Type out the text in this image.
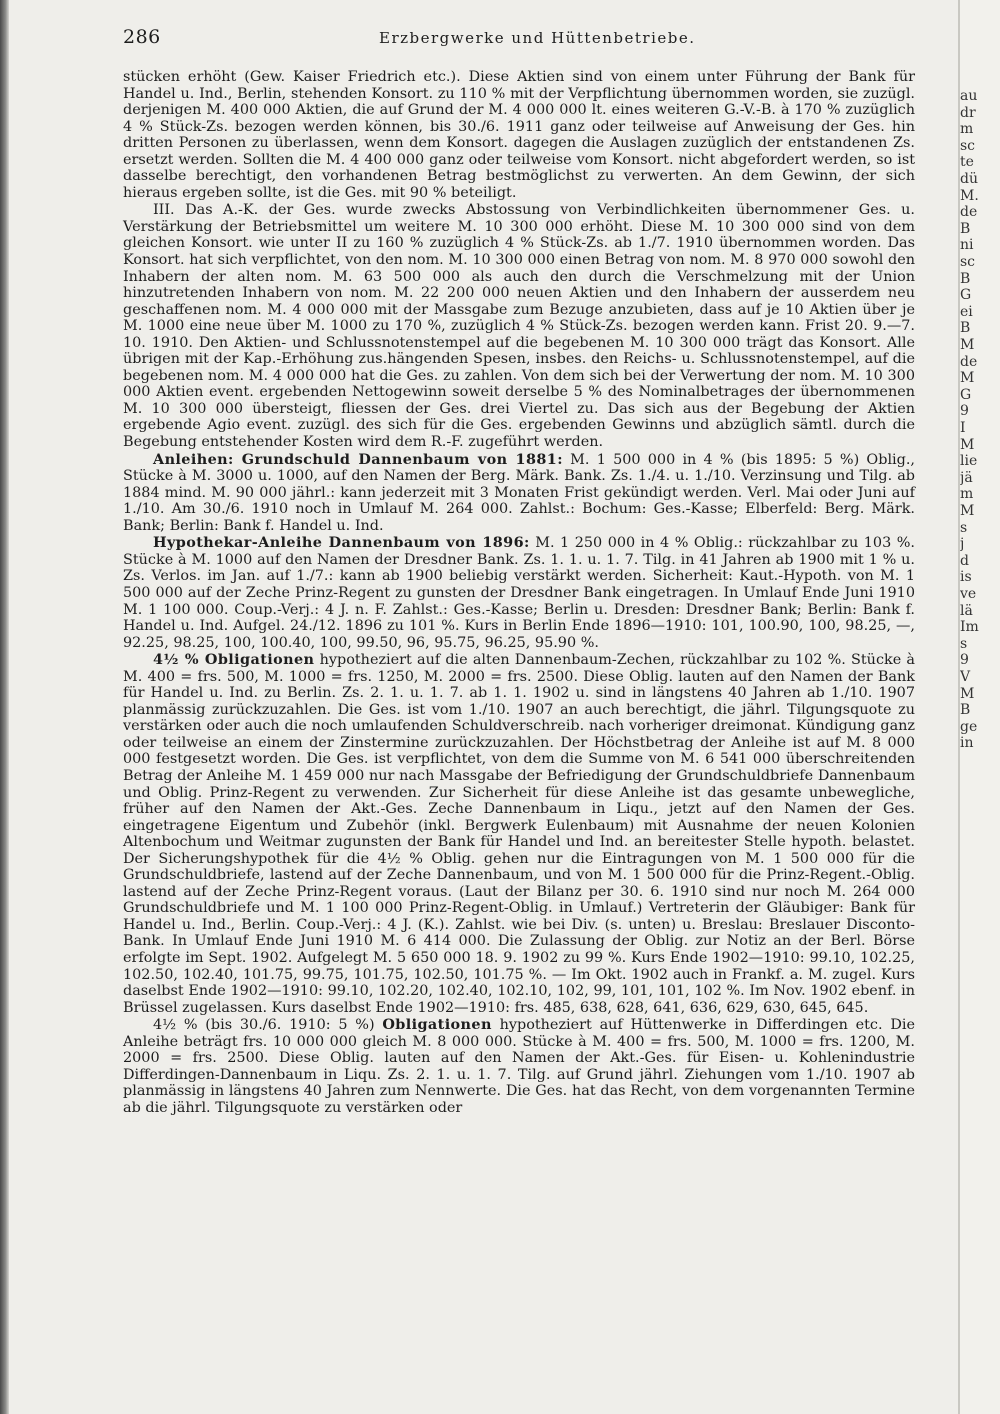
286	Erzbergwerke und Hüttenbetriebe.

stücken erhöht (Gew. Kaiser Friedrich etc.). Diese Aktien sind von einem unter Führung der Bank für Handel u. Ind., Berlin, stehenden Konsort. zu 110 % mit der Verpflichtung übernommen worden, sie zuzügl. derjenigen M. 400 000 Aktien, die auf Grund der M. 4 000 000 lt. eines weiteren G.-V.-B. à 170 % zuzüglich 4 % Stück-Zs. bezogen werden können, bis 30./6. 1911 ganz oder teilweise auf Anweisung der Ges. hin dritten Personen zu überlassen, wenn dem Konsort. dagegen die Auslagen zuzüglich der entstandenen Zs. ersetzt werden. Sollten die M. 4 400 000 ganz oder teilweise vom Konsort. nicht abgefordert werden, so ist dasselbe berechtigt, den vorhandenen Betrag bestmöglichst zu verwerten. An dem Gewinn, der sich hieraus ergeben sollte, ist die Ges. mit 90 % beteiligt.

III. Das A.-K. der Ges. wurde zwecks Abstossung von Verbindlichkeiten übernommener Ges. u. Verstärkung der Betriebsmittel um weitere M. 10 300 000 erhöht. Diese M. 10 300 000 sind von dem gleichen Konsort. wie unter II zu 160 % zuzüglich 4 % Stück-Zs. ab 1./7. 1910 übernommen worden. Das Konsort. hat sich verpflichtet, von den nom. M. 10 300 000 einen Betrag von nom. M. 8 970 000 sowohl den Inhabern der alten nom. M. 63 500 000 als auch den durch die Verschmelzung mit der Union hinzutretenden Inhabern von nom. M. 22 200 000 neuen Aktien und den Inhabern der ausserdem neu geschaffenen nom. M. 4 000 000 mit der Massgabe zum Bezuge anzubieten, dass auf je 10 Aktien über je M. 1000 eine neue über M. 1000 zu 170 %, zuzüglich 4 % Stück-Zs. bezogen werden kann. Frist 20. 9.—7. 10. 1910. Den Aktien- und Schlussnotenstempel auf die begebenen M. 10 300 000 trägt das Konsort. Alle übrigen mit der Kap.-Erhöhung zus.hängenden Spesen, insbes. den Reichs- u. Schlussnotenstempel, auf die begebenen nom. M. 4 000 000 hat die Ges. zu zahlen. Von dem sich bei der Verwertung der nom. M. 10 300 000 Aktien event. ergebenden Nettogewinn soweit derselbe 5 % des Nominalbetrages der übernommenen M. 10 300 000 übersteigt, fliessen der Ges. drei Viertel zu. Das sich aus der Begebung der Aktien ergebende Agio event. zuzügl. des sich für die Ges. ergebenden Gewinns und abzüglich sämtl. durch die Begebung entstehender Kosten wird dem R.-F. zugeführt werden.

Anleihen: Grundschuld Dannenbaum von 1881: M. 1 500 000 in 4 % (bis 1895: 5 %) Oblig., Stücke à M. 3000 u. 1000, auf den Namen der Berg. Märk. Bank. Zs. 1./4. u. 1./10. Verzinsung und Tilg. ab 1884 mind. M. 90 000 jährl.: kann jederzeit mit 3 Monaten Frist gekündigt werden. Verl. Mai oder Juni auf 1./10. Am 30./6. 1910 noch in Umlauf M. 264 000. Zahlst.: Bochum: Ges.-Kasse; Elberfeld: Berg. Märk. Bank; Berlin: Bank f. Handel u. Ind.

Hypothekar-Anleihe Dannenbaum von 1896: M. 1 250 000 in 4 % Oblig.: rückzahlbar zu 103 %. Stücke à M. 1000 auf den Namen der Dresdner Bank. Zs. 1. 1. u. 1. 7. Tilg. in 41 Jahren ab 1900 mit 1 % u. Zs. Verlos. im Jan. auf 1./7.: kann ab 1900 beliebig verstärkt werden. Sicherheit: Kaut.-Hypoth. von M. 1 500 000 auf der Zeche Prinz-Regent zu gunsten der Dresdner Bank eingetragen. In Umlauf Ende Juni 1910 M. 1 100 000. Coup.-Verj.: 4 J. n. F. Zahlst.: Ges.-Kasse; Berlin u. Dresden: Dresdner Bank; Berlin: Bank f. Handel u. Ind. Aufgel. 24./12. 1896 zu 101 %. Kurs in Berlin Ende 1896—1910: 101, 100.90, 100, 98.25, —, 92.25, 98.25, 100, 100.40, 100, 99.50, 96, 95.75, 96.25, 95.90 %.

4½ % Obligationen hypotheziert auf die alten Dannenbaum-Zechen, rückzahlbar zu 102 %. Stücke à M. 400 = frs. 500, M. 1000 = frs. 1250, M. 2000 = frs. 2500. Diese Oblig. lauten auf den Namen der Bank für Handel u. Ind. zu Berlin. Zs. 2. 1. u. 1. 7. ab 1. 1. 1902 u. sind in längstens 40 Jahren ab 1./10. 1907 planmässig zurückzuzahlen. Die Ges. ist vom 1./10. 1907 an auch berechtigt, die jährl. Tilgungsquote zu verstärken oder auch die noch umlaufenden Schuldverschreib. nach vorheriger dreimonat. Kündigung ganz oder teilweise an einem der Zinstermine zurückzuzahlen. Der Höchstbetrag der Anleihe ist auf M. 8 000 000 festgesetzt worden. Die Ges. ist verpflichtet, von dem die Summe von M. 6 541 000 überschreitenden Betrag der Anleihe M. 1 459 000 nur nach Massgabe der Befriedigung der Grundschuldbriefe Dannenbaum und Oblig. Prinz-Regent zu verwenden. Zur Sicherheit für diese Anleihe ist das gesamte unbewegliche, früher auf den Namen der Akt.-Ges. Zeche Dannenbaum in Liqu., jetzt auf den Namen der Ges. eingetragene Eigentum und Zubehör (inkl. Bergwerk Eulenbaum) mit Ausnahme der neuen Kolonien Altenbochum und Weitmar zugunsten der Bank für Handel und Ind. an bereitester Stelle hypoth. belastet. Der Sicherungshypothek für die 4½ % Oblig. gehen nur die Eintragungen von M. 1 500 000 für die Grundschuldbriefe, lastend auf der Zeche Dannenbaum, und von M. 1 500 000 für die Prinz-Regent.-Oblig. lastend auf der Zeche Prinz-Regent voraus. (Laut der Bilanz per 30. 6. 1910 sind nur noch M. 264 000 Grundschuldbriefe und M. 1 100 000 Prinz-Regent-Oblig. in Umlauf.) Vertreterin der Gläubiger: Bank für Handel u. Ind., Berlin. Coup.-Verj.: 4 J. (K.). Zahlst. wie bei Div. (s. unten) u. Breslau: Breslauer Disconto-Bank. In Umlauf Ende Juni 1910 M. 6 414 000. Die Zulassung der Oblig. zur Notiz an der Berl. Börse erfolgte im Sept. 1902. Aufgelegt M. 5 650 000 18. 9. 1902 zu 99 %. Kurs Ende 1902—1910: 99.10, 102.25, 102.50, 102.40, 101.75, 99.75, 101.75, 102.50, 101.75 %. — Im Okt. 1902 auch in Frankf. a. M. zugel. Kurs daselbst Ende 1902—1910: 99.10, 102.20, 102.40, 102.10, 102, 99, 101, 101, 102 %. Im Nov. 1902 ebenf. in Brüssel zugelassen. Kurs daselbst Ende 1902—1910: frs. 485, 638, 628, 641, 636, 629, 630, 645, 645.

4½ % (bis 30./6. 1910: 5 %) Obligationen hypotheziert auf Hüttenwerke in Differdingen etc. Die Anleihe beträgt frs. 10 000 000 gleich M. 8 000 000. Stücke à M. 400 = frs. 500, M. 1000 = frs. 1200, M. 2000 = frs. 2500. Diese Oblig. lauten auf den Namen der Akt.-Ges. für Eisen- u. Kohlenindustrie Differdingen-Dannenbaum in Liqu. Zs. 2. 1. u. 1. 7. Tilg. auf Grund jährl. Ziehungen vom 1./10. 1907 ab planmässig in längstens 40 Jahren zum Nennwerte. Die Ges. hat das Recht, von dem vorgenannten Termine ab die jährl. Tilgungsquote zu verstärken oder

au
dr
m
sc
te
dü
M.
de
B
ni
sc
B
G
ei
B
M
de
M
G
9
I
M
lie
jä
m
M
s
j
d
is
ve
lä
Im
s
9
V
M
B
ge
in
